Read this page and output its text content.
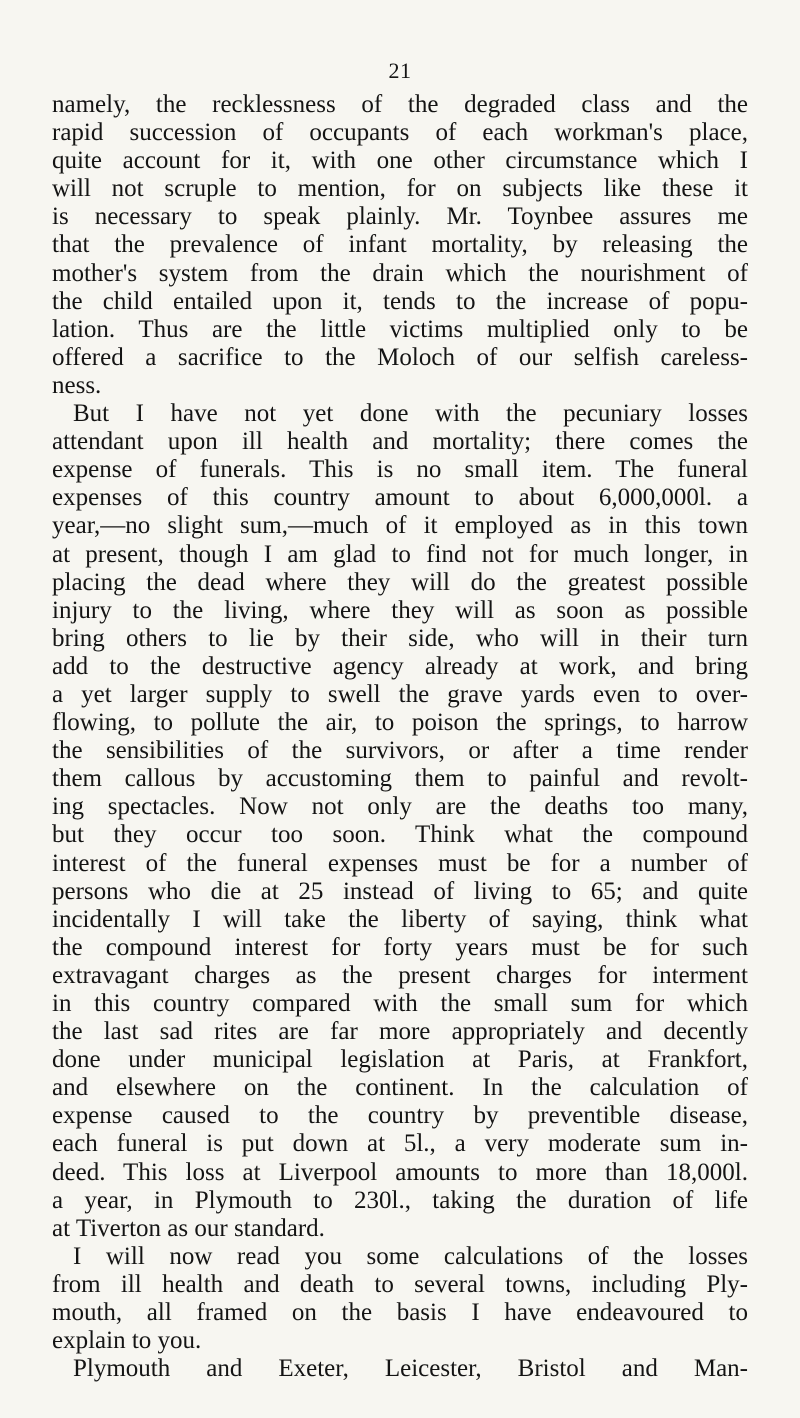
21
namely, the recklessness of the degraded class and the
rapid succession of occupants of each workman's place,
quite account for it, with one other circumstance which I
will not scruple to mention, for on subjects like these it
is necessary to speak plainly. Mr. Toynbee assures me
that the prevalence of infant mortality, by releasing the
mother's system from the drain which the nourishment of
the child entailed upon it, tends to the increase of popu-
lation. Thus are the little victims multiplied only to be
offered a sacrifice to the Moloch of our selfish careless-
ness.
But I have not yet done with the pecuniary losses
attendant upon ill health and mortality; there comes the
expense of funerals. This is no small item. The funeral
expenses of this country amount to about 6,000,000l. a
year,—no slight sum,—much of it employed as in this town
at present, though I am glad to find not for much longer, in
placing the dead where they will do the greatest possible
injury to the living, where they will as soon as possible
bring others to lie by their side, who will in their turn
add to the destructive agency already at work, and bring
a yet larger supply to swell the grave yards even to over-
flowing, to pollute the air, to poison the springs, to harrow
the sensibilities of the survivors, or after a time render
them callous by accustoming them to painful and revolt-
ing spectacles. Now not only are the deaths too many,
but they occur too soon. Think what the compound
interest of the funeral expenses must be for a number of
persons who die at 25 instead of living to 65; and quite
incidentally I will take the liberty of saying, think what
the compound interest for forty years must be for such
extravagant charges as the present charges for interment
in this country compared with the small sum for which
the last sad rites are far more appropriately and decently
done under municipal legislation at Paris, at Frankfort,
and elsewhere on the continent. In the calculation of
expense caused to the country by preventible disease,
each funeral is put down at 5l., a very moderate sum in-
deed. This loss at Liverpool amounts to more than 18,000l.
a year, in Plymouth to 230l., taking the duration of life
at Tiverton as our standard.
I will now read you some calculations of the losses
from ill health and death to several towns, including Ply-
mouth, all framed on the basis I have endeavoured to
explain to you.
Plymouth and Exeter, Leicester, Bristol and Man-
